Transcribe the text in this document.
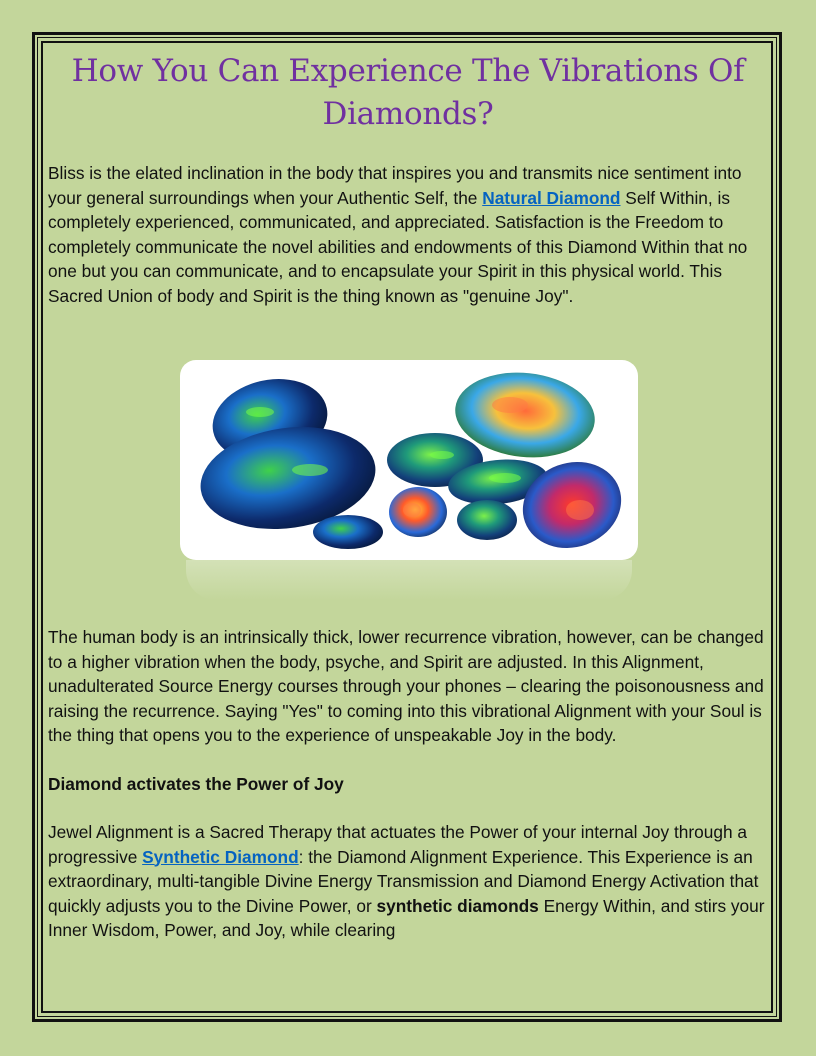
How You Can Experience The Vibrations Of Diamonds?

Bliss is the elated inclination in the body that inspires you and transmits nice sentiment into your general surroundings when your Authentic Self, the Natural Diamond Self Within, is completely experienced, communicated, and appreciated. Satisfaction is the Freedom to completely communicate the novel abilities and endowments of this Diamond Within that no one but you can communicate, and to encapsulate your Spirit in this physical world. This Sacred Union of body and Spirit is the thing known as "genuine Joy".

The human body is an intrinsically thick, lower recurrence vibration, however, can be changed to a higher vibration when the body, psyche, and Spirit are adjusted. In this Alignment, unadulterated Source Energy courses through your phones – clearing the poisonousness and raising the recurrence. Saying "Yes" to coming into this vibrational Alignment with your Soul is the thing that opens you to the experience of unspeakable Joy in the body.

Diamond activates the Power of Joy

Jewel Alignment is a Sacred Therapy that actuates the Power of your internal Joy through a progressive Synthetic Diamond: the Diamond Alignment Experience. This Experience is an extraordinary, multi-tangible Divine Energy Transmission and Diamond Energy Activation that quickly adjusts you to the Divine Power, or synthetic diamonds Energy Within, and stirs your Inner Wisdom, Power, and Joy, while clearing
